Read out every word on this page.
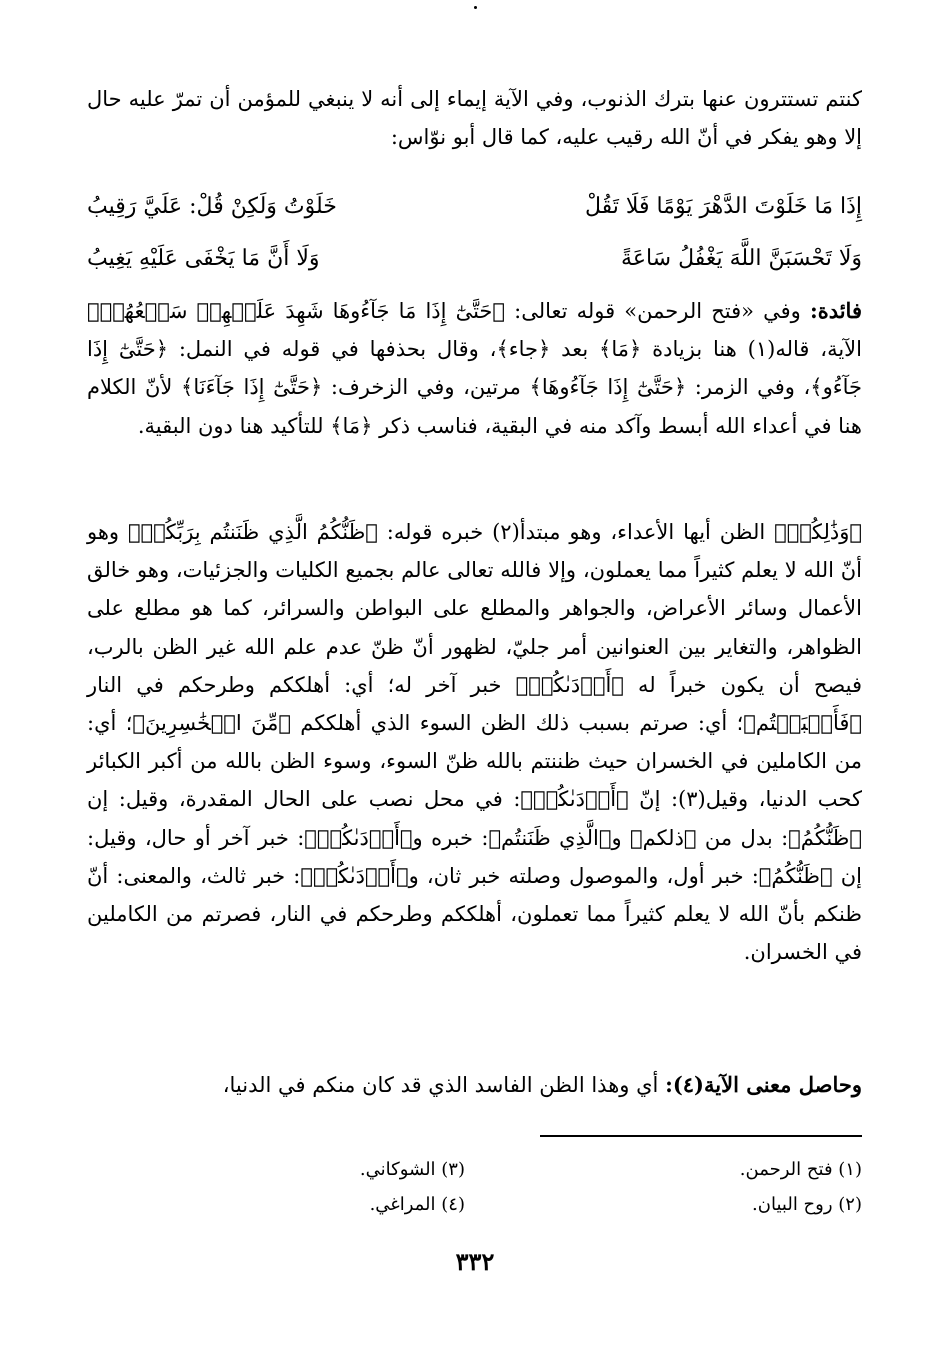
كنتم تستترون عنها بترك الذنوب، وفي الآية إيماء إلى أنه لا ينبغي للمؤمن أن تمرّ عليه حال إلا وهو يفكر في أنّ الله رقيب عليه، كما قال أبو نوّاس:
إِذَا مَا خَلَوْتَ الدَّهْرَ يَوْمًا فَلَا تَقُلْ
خَلَوْتُ وَلَكِنْ قُلْ: عَلَيَّ رَقِيبُ
وَلَا تَحْسَبَنَّ اللَّهَ يَغْفُلُ سَاعَةً
وَلَا أَنَّ مَا يَخْفَى عَلَيْهِ يَغِيبُ
فائدة: وفي «فتح الرحمن» قوله تعالى: ﴿حَتَّىٰٓ إِذَا مَا جَآءُوهَا شَهِدَ عَلَيۡهِمۡ سَمۡعُهُمۡ﴾ الآية، قاله(١) هنا بزيادة ﴿مَا﴾ بعد ﴿جاء﴾، وقال بحذفها في قوله في النمل: ﴿حَتَّىٰٓ إِذَا جَآءُو﴾، وفي الزمر: ﴿حَتَّىٰٓ إِذَا جَآءُوهَا﴾ مرتين، وفي الزخرف: ﴿حَتَّىٰٓ إِذَا جَآءَنَا﴾ لأنّ الكلام هنا في أعداء الله أبسط وآكد منه في البقية، فناسب ذكر ﴿مَا﴾ للتأكيد هنا دون البقية.
﴿وَذَٰلِكُمۡ﴾ الظن أيها الأعداء، وهو مبتدأ(٢) خبره قوله: ﴿ظَنُّكُمُ الَّذِي ظَنَنتُم بِرَبِّكُمۡ﴾ وهو أنّ الله لا يعلم كثيراً مما يعملون، وإلا فالله تعالى عالم بجميع الكليات والجزئيات، وهو خالق الأعمال وسائر الأعراض، والجواهر والمطلع على البواطن والسرائر، كما هو مطلع على الظواهر، والتغاير بين العنوانين أمر جليّ، لظهور أنّ ظنّ عدم علم الله غير الظن بالرب، فيصح أن يكون خبراً له ﴿أَرۡدَىٰكُمۡ﴾ خبر آخر له؛ أي: أهلككم وطرحكم في النار ﴿فَأَصۡبَحۡتُم﴾؛ أي: صرتم بسبب ذلك الظن السوء الذي أهلككم ﴿مِّنَ الۡخَٰسِرِينَ﴾؛ أي: من الكاملين في الخسران حيث ظننتم بالله ظنّ السوء، وسوء الظن بالله من أكبر الكبائر كحب الدنيا، وقيل(٣): إنّ ﴿أَرۡدَىٰكُمۡ﴾: في محل نصب على الحال المقدرة، وقيل: إن ﴿ظَنُّكُمُ﴾: بدل من ﴿ذلكم﴾ و﴿الَّذِي ظَنَنتُم﴾: خبره و﴿أَرۡدَىٰكُمۡ﴾: خبر آخر أو حال، وقيل: إن ﴿ظَنُّكُمُ﴾: خبر أول، والموصول وصلته خبر ثان، و﴿أَرۡدَىٰكُمۡ﴾: خبر ثالث، والمعنى: أنّ ظنكم بأنّ الله لا يعلم كثيراً مما تعملون، أهلككم وطرحكم في النار، فصرتم من الكاملين في الخسران.
وحاصل معنى الآية(٤): أي وهذا الظن الفاسد الذي قد كان منكم في الدنيا،
(١) فتح الرحمن.
(٢) روح البيان.
(٣) الشوكاني.
(٤) المراغي.
٣٣٢
